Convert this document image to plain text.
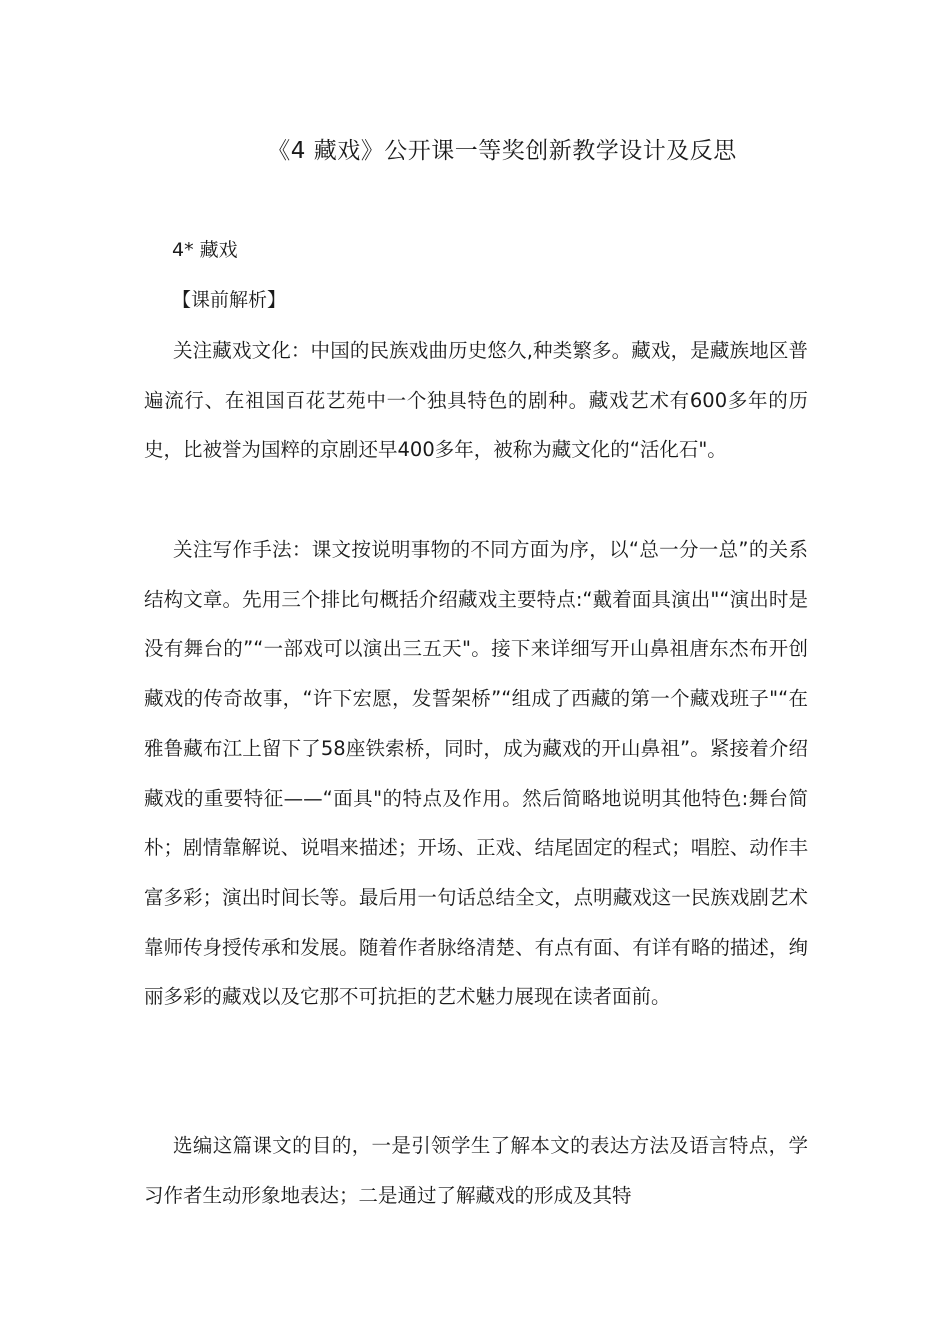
《4 藏戏》公开课一等奖创新教学设计及反思

4* 藏戏

【课前解析】

关注藏戏文化：中国的民族戏曲历史悠久,种类繁多。藏戏，是藏族地区普遍流行、在祖国百花艺苑中一个独具特色的剧种。藏戏艺术有600多年的历史，比被誉为国粹的京剧还早400多年，被称为藏文化的“活化石"。

关注写作手法：课文按说明事物的不同方面为序，以“总一分一总”的关系结构文章。先用三个排比句概括介绍藏戏主要特点:“戴着面具演出"“演出时是没有舞台的”“一部戏可以演出三五天"。接下来详细写开山鼻祖唐东杰布开创藏戏的传奇故事，“许下宏愿，发誓架桥”“组成了西藏的第一个藏戏班子"“在雅鲁藏布江上留下了58座铁索桥，同时，成为藏戏的开山鼻祖”。紧接着介绍藏戏的重要特征——“面具"的特点及作用。然后简略地说明其他特色:舞台简朴；剧情靠解说、说唱来描述；开场、正戏、结尾固定的程式；唱腔、动作丰富多彩；演出时间长等。最后用一句话总结全文，点明藏戏这一民族戏剧艺术靠师传身授传承和发展。随着作者脉络清楚、有点有面、有详有略的描述，绚丽多彩的藏戏以及它那不可抗拒的艺术魅力展现在读者面前。

选编这篇课文的目的，一是引领学生了解本文的表达方法及语言特点，学习作者生动形象地表达；二是通过了解藏戏的形成及其特
